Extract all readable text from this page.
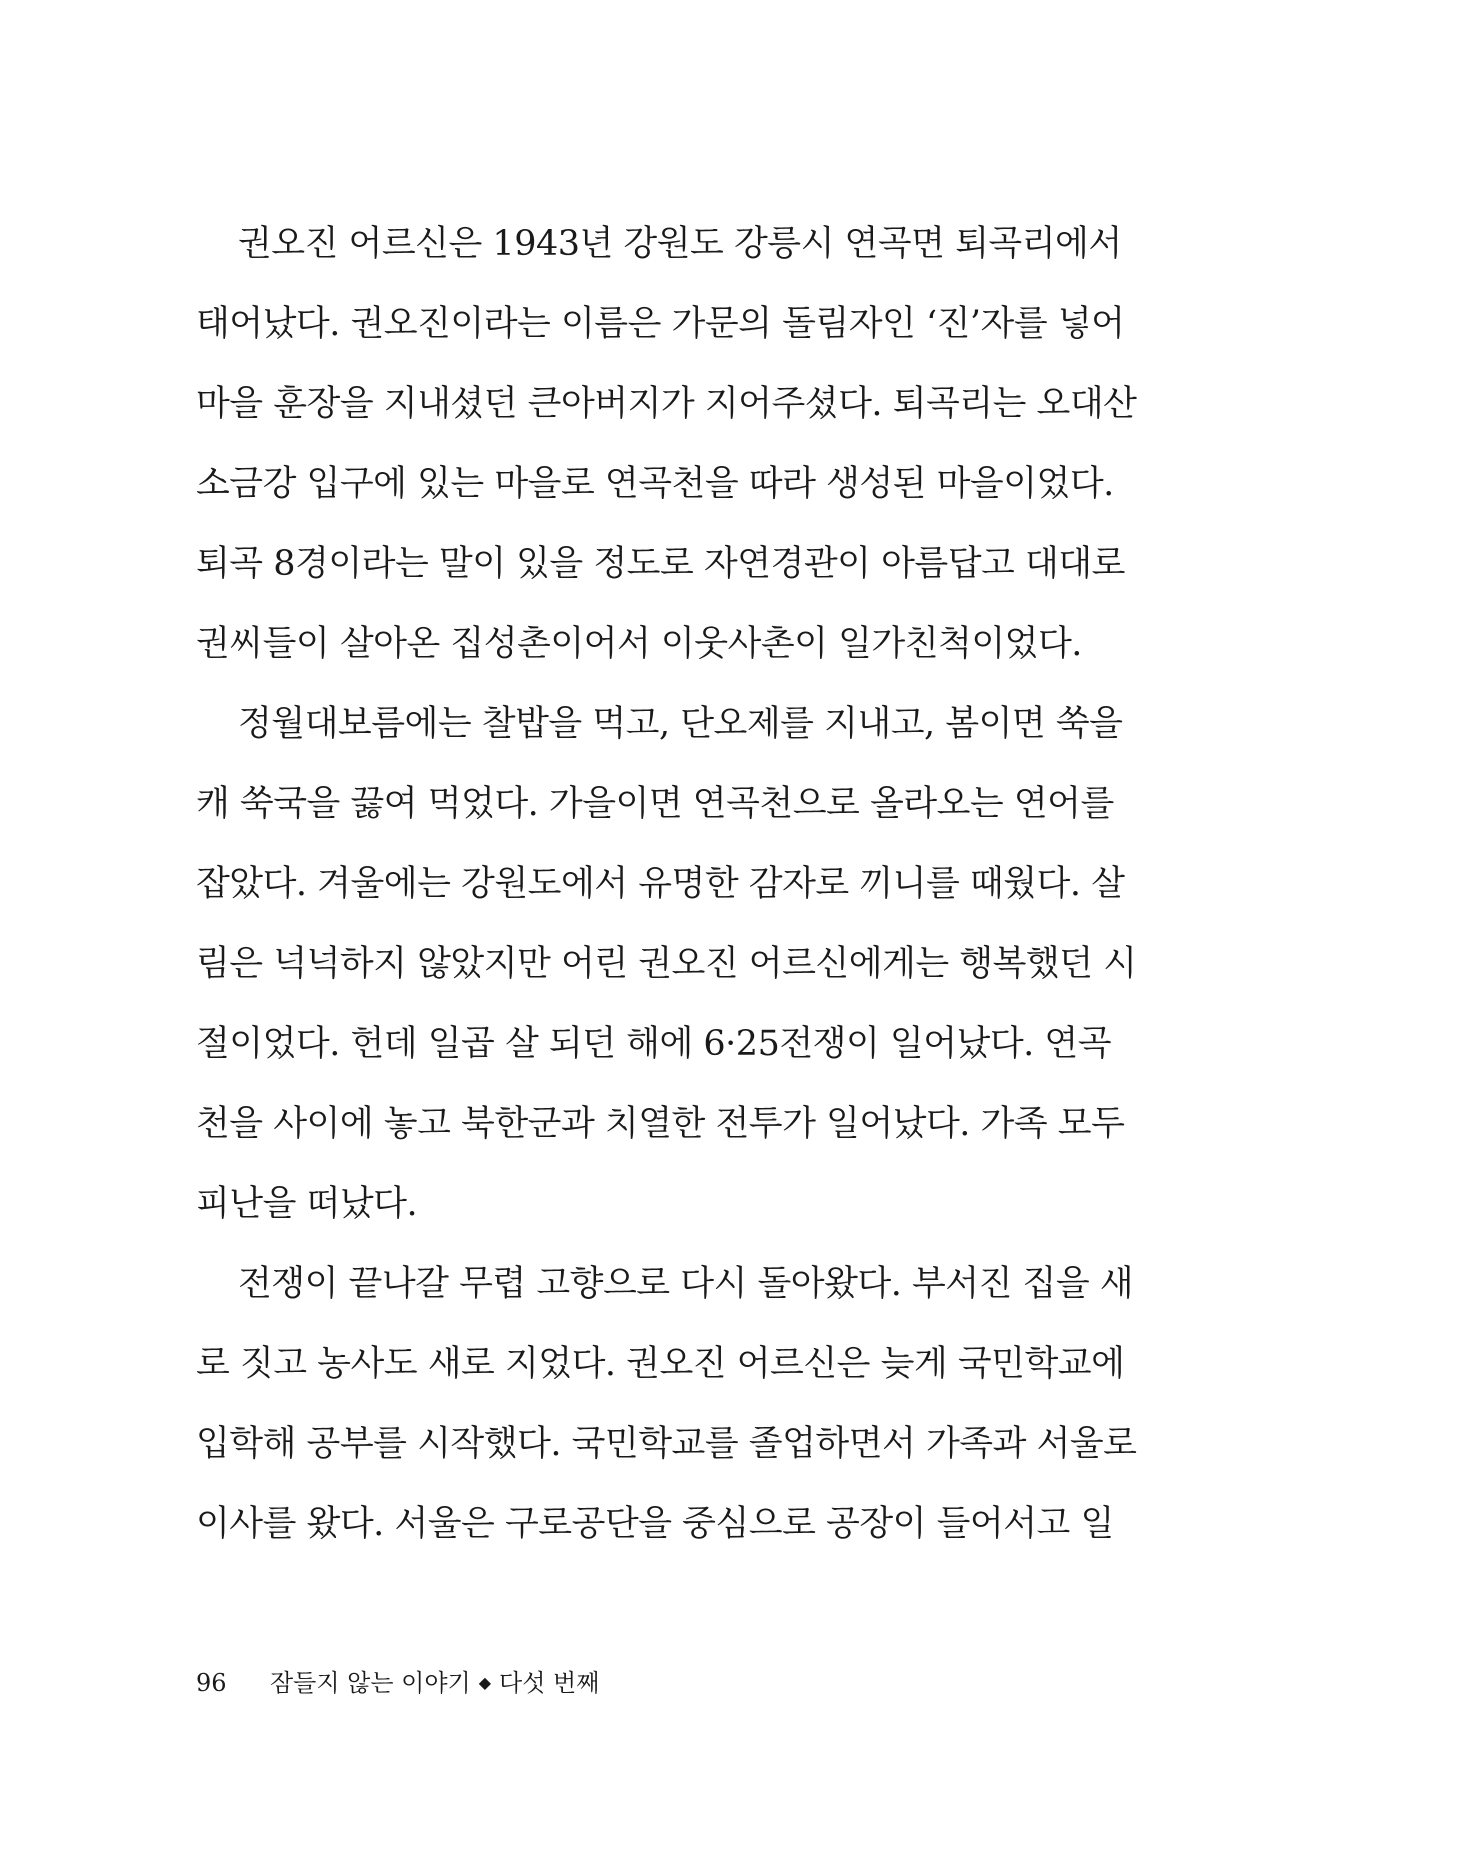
권오진 어르신은 1943년 강원도 강릉시 연곡면 퇴곡리에서
태어났다. 권오진이라는 이름은 가문의 돌림자인 ‘진’자를 넣어
마을 훈장을 지내셨던 큰아버지가 지어주셨다. 퇴곡리는 오대산
소금강 입구에 있는 마을로 연곡천을 따라 생성된 마을이었다.
퇴곡 8경이라는 말이 있을 정도로 자연경관이 아름답고 대대로
권씨들이 살아온 집성촌이어서 이웃사촌이 일가친척이었다.
정월대보름에는 찰밥을 먹고, 단오제를 지내고, 봄이면 쑥을
캐 쑥국을 끓여 먹었다. 가을이면 연곡천으로 올라오는 연어를
잡았다. 겨울에는 강원도에서 유명한 감자로 끼니를 때웠다. 살
림은 넉넉하지 않았지만 어린 권오진 어르신에게는 행복했던 시
절이었다. 헌데 일곱 살 되던 해에 6·25전쟁이 일어났다. 연곡
천을 사이에 놓고 북한군과 치열한 전투가 일어났다. 가족 모두
피난을 떠났다.
전쟁이 끝나갈 무렵 고향으로 다시 돌아왔다. 부서진 집을 새
로 짓고 농사도 새로 지었다. 권오진 어르신은 늦게 국민학교에
입학해 공부를 시작했다. 국민학교를 졸업하면서 가족과 서울로
이사를 왔다. 서울은 구로공단을 중심으로 공장이 들어서고 일
96 잠들지 않는 이야기 ◆ 다섯 번째
